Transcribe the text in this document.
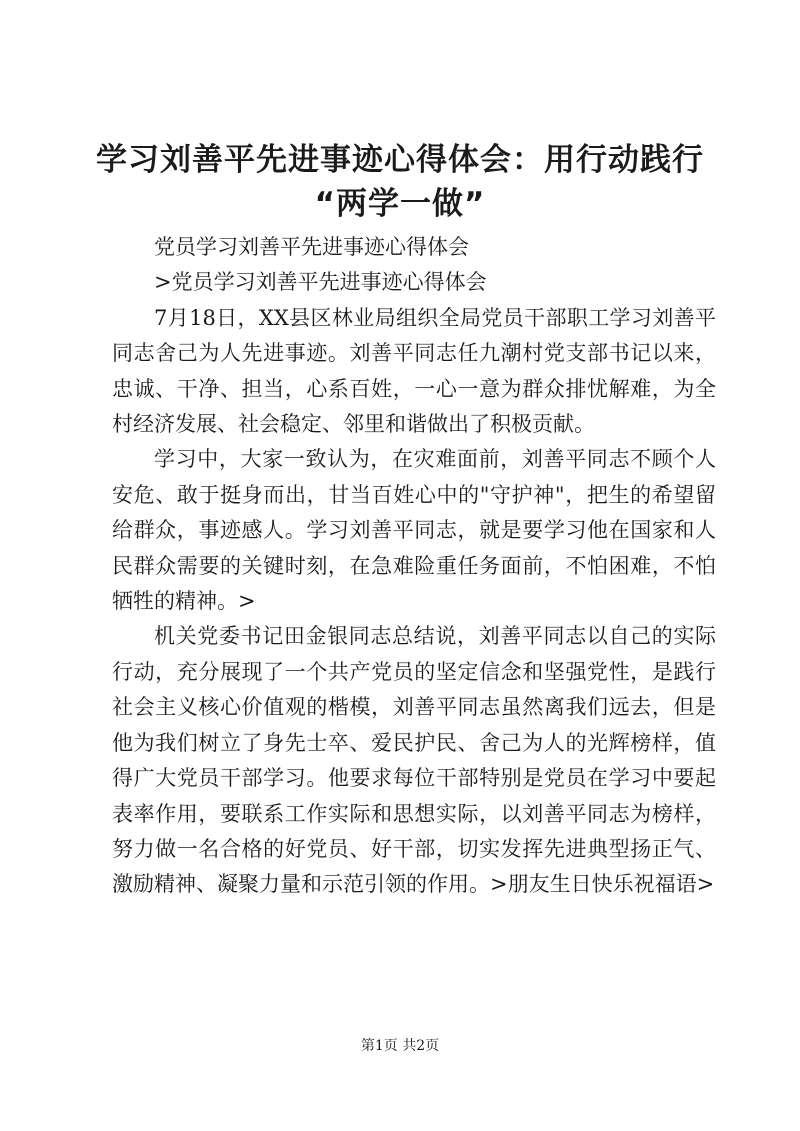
学习刘善平先进事迹心得体会：用行动践行
“两学一做”

党员学习刘善平先进事迹心得体会

>党员学习刘善平先进事迹心得体会

7月18日，XX县区林业局组织全局党员干部职工学习刘善平同志舍己为人先进事迹。刘善平同志任九潮村党支部书记以来，忠诚、干净、担当，心系百姓，一心一意为群众排忧解难，为全村经济发展、社会稳定、邻里和谐做出了积极贡献。

学习中，大家一致认为，在灾难面前，刘善平同志不顾个人安危、敢于挺身而出，甘当百姓心中的"守护神"，把生的希望留给群众，事迹感人。学习刘善平同志，就是要学习他在国家和人民群众需要的关键时刻，在急难险重任务面前，不怕困难，不怕牺牲的精神。>

机关党委书记田金银同志总结说，刘善平同志以自己的实际行动，充分展现了一个共产党员的坚定信念和坚强党性，是践行社会主义核心价值观的楷模，刘善平同志虽然离我们远去，但是他为我们树立了身先士卒、爱民护民、舍己为人的光辉榜样，值得广大党员干部学习。他要求每位干部特别是党员在学习中要起表率作用，要联系工作实际和思想实际，以刘善平同志为榜样，努力做一名合格的好党员、好干部，切实发挥先进典型扬正气、激励精神、凝聚力量和示范引领的作用。>朋友生日快乐祝福语>

第1页 共2页
